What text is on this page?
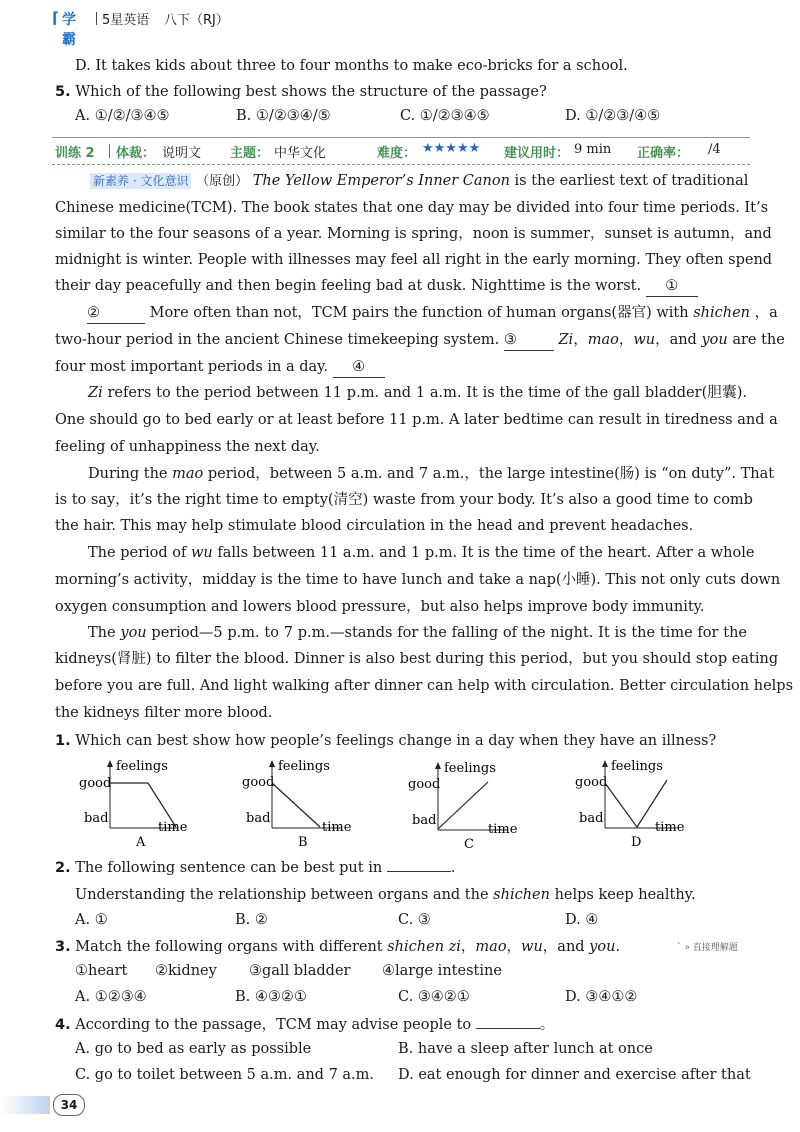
⌈ 学霸
5星英语 八下（RJ）
D. It takes kids about three to four months to make eco-bricks for a school.
5. Which of the following best shows the structure of the passage?
A. ①/②/③④⑤	B. ①/②③④/⑤	C. ①/②③④⑤	D. ①/②③/④⑤
训练 2 体裁： 说明文 主题： 中华文化	难度： ★★★★★ 建议用时： 9 min 正确率： /4
新素养 · 文化意识 （原创） The Yellow Emperor’s Inner Canon is the earliest text of traditional
Chinese medicine(TCM). The book states that one day may be divided into four time periods. It’s
similar to the four seasons of a year. Morning is spring，noon is summer，sunset is autumn，and
midnight is winter. People with illnesses may feel all right in the early morning. They often spend
their day peacefully and then begin feeling bad at dusk. Nighttime is the worst. ①
②	More often than not，TCM pairs the function of human organs(器官) with shichen ，a
two-hour period in the ancient Chinese timekeeping system. ③	Zi，mao，wu，and you are the
four most important periods in a day. ④
Zi refers to the period between 11 p.m. and 1 a.m. It is the time of the gall bladder(胆囊).
One should go to bed early or at least before 11 p.m. A later bedtime can result in tiredness and a
feeling of unhappiness the next day.
During the mao period，between 5 a.m. and 7 a.m.，the large intestine(肠) is “on duty”. That
is to say，it’s the right time to empty(清空) waste from your body. It’s also a good time to comb
the hair. This may help stimulate blood circulation in the head and prevent headaches.
The period of wu falls between 11 a.m. and 1 p.m. It is the time of the heart. After a whole
morning’s activity，midday is the time to have lunch and take a nap(小睡). This not only cuts down
oxygen consumption and lowers blood pressure，but also helps improve body immunity.
The you period—5 p.m. to 7 p.m.—stands for the falling of the night. It is the time for the
kidneys(肾脏) to filter the blood. Dinner is also best during this period，but you should stop eating
before you are full. And light walking after dinner can help with circulation. Better circulation helps
the kidneys filter more blood.
1. Which can best show how people’s feelings change in a day when they have an illness?
feelings
good
bad
time
A
feelings
good
bad
time
B
feelings
good
bad
time
C
feelings
good
bad
time
D
2. The following sentence can be best put in	.
Understanding the relationship between organs and the shichen helps keep healthy.
A. ①	B. ②	C. ③	D. ④
3. Match the following organs with different shichen zi，mao，wu，and you.	` » 直接理解题
①heart ②kidney ③gall bladder ④large intestine
A. ①②③④	B. ④③②①	C. ③④②①	D. ③④①②
4. According to the passage，TCM may advise people to	。
A. go to bed as early as possible	B. have a sleep after lunch at once
C. go to toilet between 5 a.m. and 7 a.m. D. eat enough for dinner and exercise after that
34
